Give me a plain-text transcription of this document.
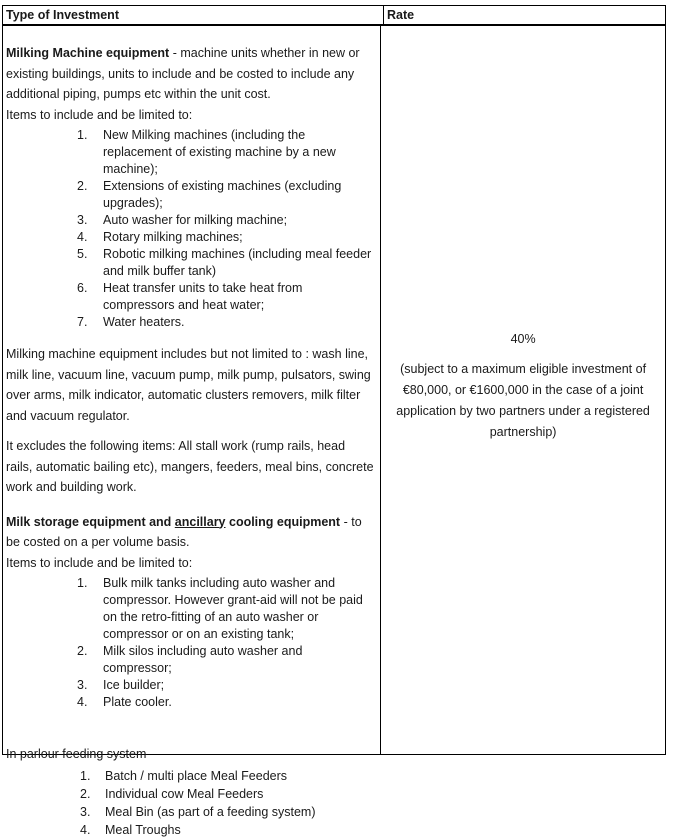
Type of Investment	Rate

Milking Machine equipment - machine units whether in new or existing buildings, units to include and be costed to include any additional piping, pumps etc within the unit cost.

Items to include and be limited to:

New Milking machines (including the replacement of existing machine by a new machine);
Extensions of existing machines (excluding upgrades);
Auto washer for milking machine;
Rotary milking machines;
Robotic milking machines (including meal feeder and milk buffer tank)
Heat transfer units to take heat from compressors and heat water;
Water heaters.

Milking machine equipment includes but not limited to : wash line, milk line, vacuum line, vacuum pump, milk pump, pulsators, swing over arms, milk indicator, automatic clusters removers, milk filter and vacuum regulator.

It excludes the following items: All stall work (rump rails, head rails, automatic bailing etc), mangers, feeders, meal bins, concrete work and building work.

Milk storage equipment and ancillary cooling equipment - to be costed on a per volume basis.

Items to include and be limited to:

Bulk milk tanks including auto washer and compressor. However grant-aid will not be paid on the retro-fitting of an auto washer or compressor or on an existing tank;
Milk silos including auto washer and compressor;
Ice builder;
Plate cooler.

In parlour feeding system

Batch / multi place Meal Feeders
Individual cow Meal Feeders
Meal Bin (as part of a feeding system)
Meal Troughs

40%

(subject to a maximum eligible investment of €80,000, or €1600,000 in the case of a joint application by two partners under a registered partnership)
